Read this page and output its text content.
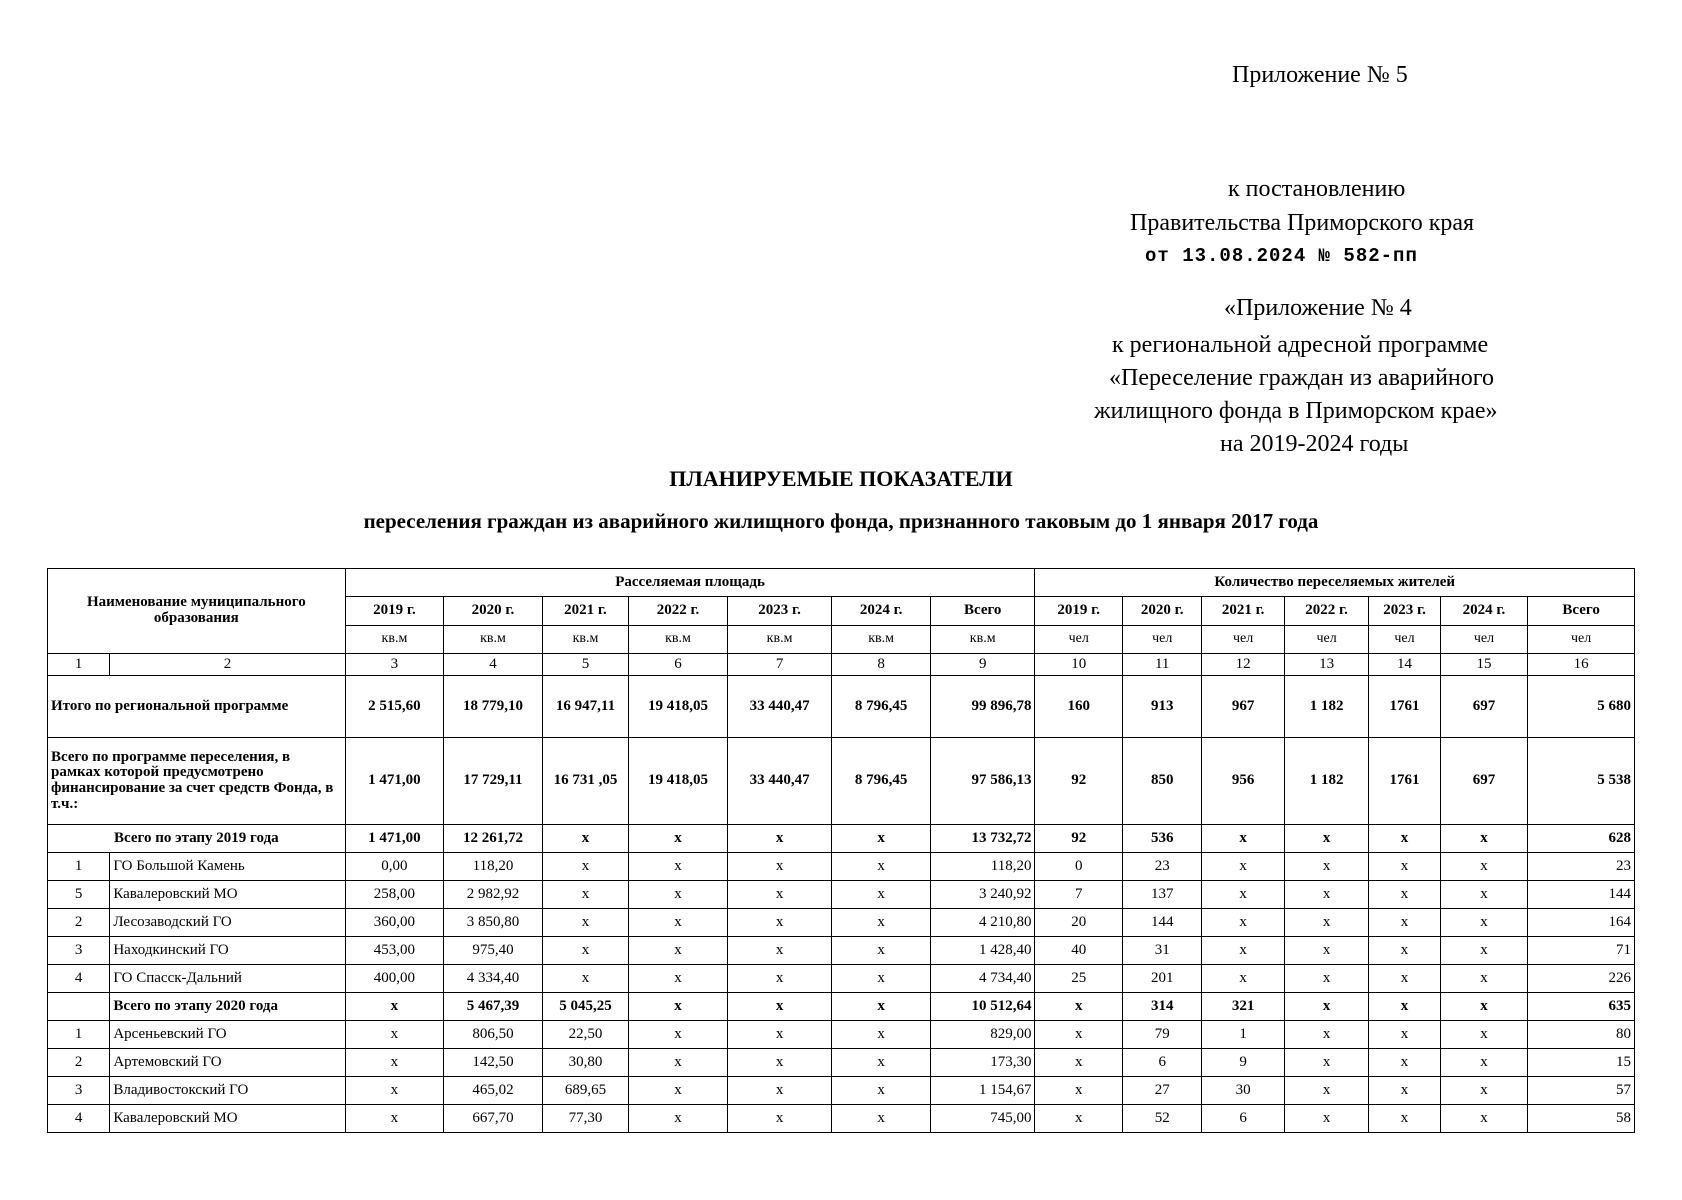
Приложение № 5
к постановлению
Правительства Приморского края
от 13.08.2024 № 582-пп
«Приложение № 4
к региональной адресной программе
«Переселение граждан из аварийного
жилищного фонда в Приморском крае»
на 2019-2024 годы
ПЛАНИРУЕМЫЕ ПОКАЗАТЕЛИ
переселения граждан из аварийного жилищного фонда, признанного таковым до 1 января 2017 года
Наименование муниципального образования		Расселяемая площадь							Количество переселяемых жителей						
		2019 г.	2020 г.	2021 г.	2022 г.	2023 г.	2024 г.	Всего	2019 г.	2020 г.	2021 г.	2022 г.	2023 г.	2024 г.	Всего
		кв.м	кв.м	кв.м	кв.м	кв.м	кв.м	кв.м	чел	чел	чел	чел	чел	чел	чел
1	2	3	4	5	6	7	8	9	10	11	12	13	14	15	16
Итого по региональной программе		2 515,60	18 779,10	16 947,11	19 418,05	33 440,47	8 796,45	99 896,78	160	913	967	1 182	1761	697	5 680
Всего по программе переселения, в рамках которой предусмотрено финансирование за счет средств Фонда, в т.ч.:		1 471,00	17 729,11	16 731 ,05	19 418,05	33 440,47	8 796,45	97 586,13	92	850	956	1 182	1761	697	5 538
Всего по этапу 2019 года		1 471,00	12 261,72	x	x	x	x	13 732,72	92	536	x	x	x	x	628
1	ГО Большой Камень	0,00	118,20	x	x	x	x	118,20	0	23	x	x	x	x	23
5	Кавалеровский МО	258,00	2 982,92	x	x	x	x	3 240,92	7	137	x	x	x	x	144
2	Лесозаводский ГО	360,00	3 850,80	x	x	x	x	4 210,80	20	144	x	x	x	x	164
3	Находкинский ГО	453,00	975,40	x	x	x	x	1 428,40	40	31	x	x	x	x	71
4	ГО Спасск-Дальний	400,00	4 334,40	x	x	x	x	4 734,40	25	201	x	x	x	x	226
	Всего по этапу 2020 года	x	5 467,39	5 045,25	x	x	x	10 512,64	x	314	321	x	x	x	635
1	Арсеньевский ГО	x	806,50	22,50	x	x	x	829,00	x	79	1	x	x	x	80
2	Артемовский ГО	x	142,50	30,80	x	x	x	173,30	x	6	9	x	x	x	15
3	Владивостокский ГО	x	465,02	689,65	x	x	x	1 154,67	x	27	30	x	x	x	57
4	Кавалеровский МО	x	667,70	77,30	x	x	x	745,00	x	52	6	x	x	x	58
